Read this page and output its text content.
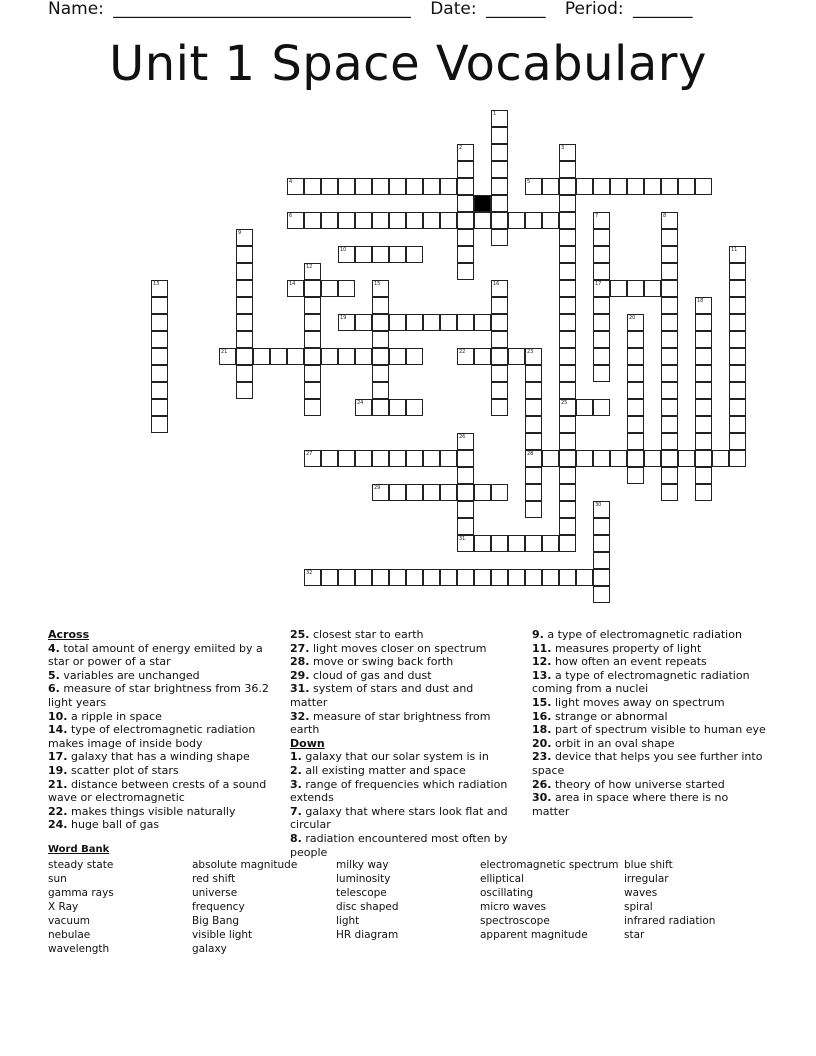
Name: ___________________________________ Date: _______ Period: _______
Unit 1 Space Vocabulary
4	5
6
10
14	17
19
21	22	23
24	25
27	28
29
31
32
1
2	3
7	8
9
11
12
13	15	16
18
20
26
30
Across
4. total amount of energy emiited by a star or power of a star
5. variables are unchanged
6. measure of star brightness from 36.2 light years
10. a ripple in space
14. type of electromagnetic radiation makes image of inside body
17. galaxy that has a winding shape
19. scatter plot of stars
21. distance between crests of a sound wave or electromagnetic
22. makes things visible naturally
24. huge ball of gas
25. closest star to earth
27. light moves closer on spectrum
28. move or swing back forth
29. cloud of gas and dust
31. system of stars and dust and matter
32. measure of star brightness from earth
Down
1. galaxy that our solar system is in
2. all existing matter and space
3. range of frequencies which radiation extends
7. galaxy that where stars look flat and circular
8. radiation encountered most often by people
9. a type of electromagnetic radiation
11. measures property of light
12. how often an event repeats
13. a type of electromagnetic radiation coming from a nuclei
15. light moves away on spectrum
16. strange or abnormal
18. part of spectrum visible to human eye
20. orbit in an oval shape
23. device that helps you see further into space
26. theory of how universe started
30. area in space where there is no matter
Word Bank
steady state
sun
gamma rays
X Ray
vacuum
nebulae
wavelength
absolute magnitude
red shift
universe
frequency
Big Bang
visible light
galaxy
milky way
luminosity
telescope
disc shaped
light
HR diagram
electromagnetic spectrum
elliptical
oscillating
micro waves
spectroscope
apparent magnitude
blue shift
irregular
waves
spiral
infrared radiation
star
